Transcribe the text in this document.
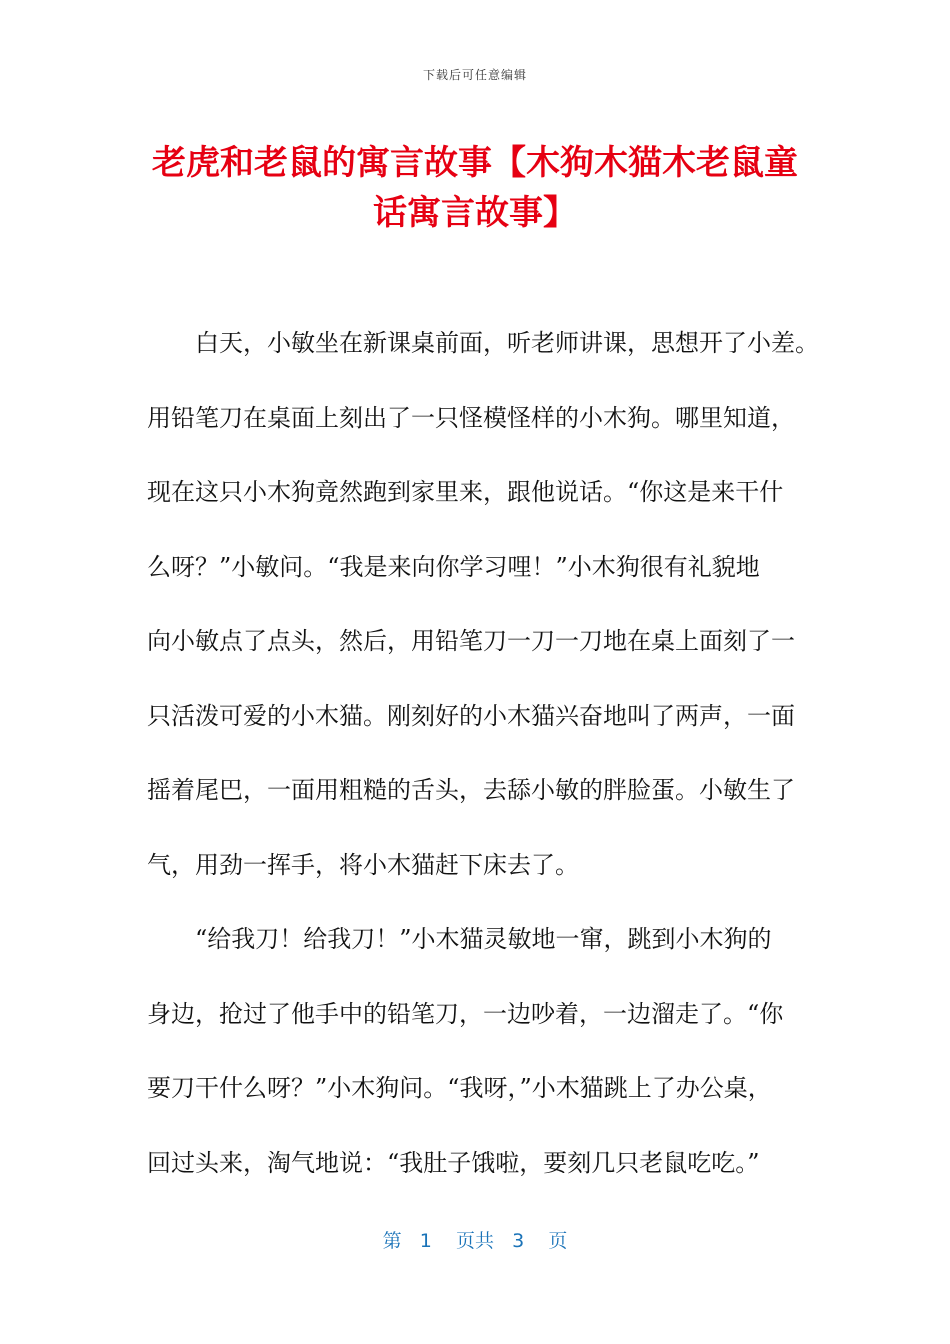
下载后可任意编辑
老虎和老鼠的寓言故事【木狗木猫木老鼠童
话寓言故事】
白天，小敏坐在新课桌前面，听老师讲课，思想开了小差。
用铅笔刀在桌面上刻出了一只怪模怪样的小木狗。哪里知道，
现在这只小木狗竟然跑到家里来，跟他说话。“你这是来干什
么呀？”小敏问。“我是来向你学习哩！”小木狗很有礼貌地
向小敏点了点头，然后，用铅笔刀一刀一刀地在桌上面刻了一
只活泼可爱的小木猫。刚刻好的小木猫兴奋地叫了两声，一面
摇着尾巴，一面用粗糙的舌头，去舔小敏的胖脸蛋。小敏生了
气，用劲一挥手，将小木猫赶下床去了。
“给我刀！给我刀！”小木猫灵敏地一窜，跳到小木狗的
身边，抢过了他手中的铅笔刀，一边吵着，一边溜走了。“你
要刀干什么呀？”小木狗问。“我呀，”小木猫跳上了办公桌，
回过头来，淘气地说：“我肚子饿啦，要刻几只老鼠吃吃。”
第 1 页共 3 页
